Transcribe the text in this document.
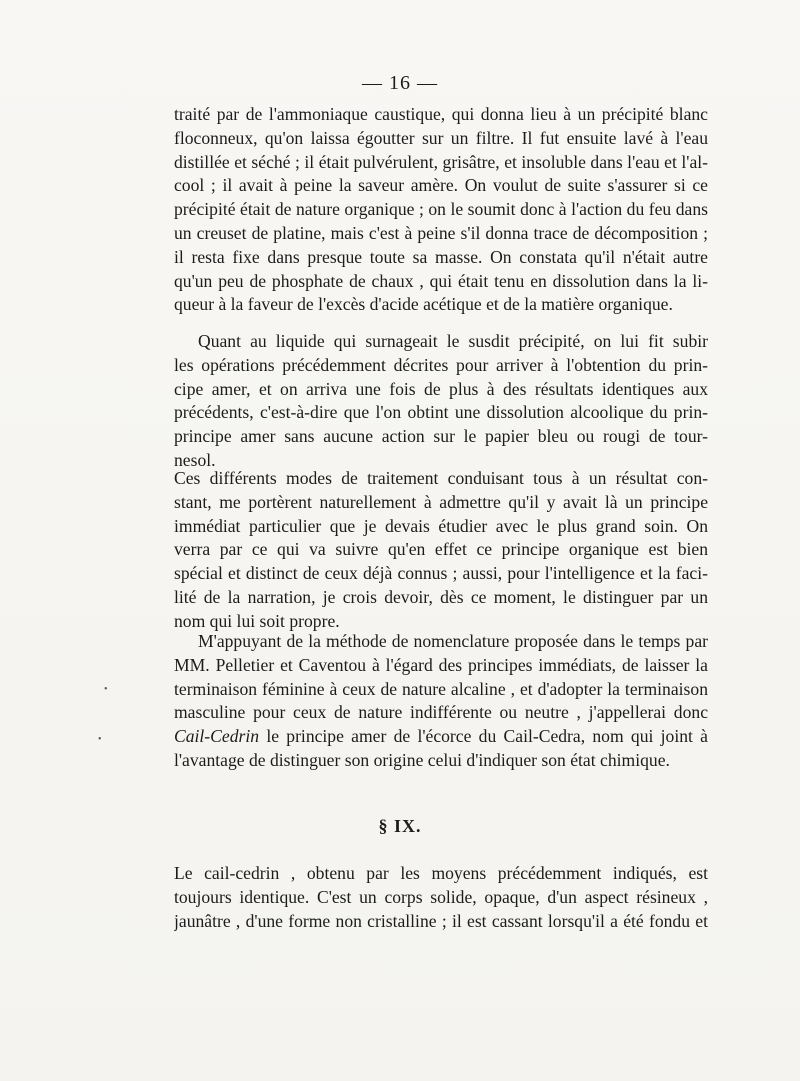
— 16 —
traité par de l'ammoniaque caustique, qui donna lieu à un précipité blanc
floconneux, qu'on laissa égoutter sur un filtre. Il fut ensuite lavé à l'eau
distillée et séché ; il était pulvérulent, grisâtre, et insoluble dans l'eau et l'al-
cool ; il avait à peine la saveur amère. On voulut de suite s'assurer si ce
précipité était de nature organique ; on le soumit donc à l'action du feu dans
un creuset de platine, mais c'est à peine s'il donna trace de décomposition ;
il resta fixe dans presque toute sa masse. On constata qu'il n'était autre
qu'un peu de phosphate de chaux , qui était tenu en dissolution dans la li-
queur à la faveur de l'excès d'acide acétique et de la matière organique.
Quant au liquide qui surnageait le susdit précipité, on lui fit subir
les opérations précédemment décrites pour arriver à l'obtention du prin-
cipe amer, et on arriva une fois de plus à des résultats identiques aux
précédents, c'est-à-dire que l'on obtint une dissolution alcoolique du prin-
principe amer sans aucune action sur le papier bleu ou rougi de tour-
nesol.
Ces différents modes de traitement conduisant tous à un résultat con-
stant, me portèrent naturellement à admettre qu'il y avait là un principe
immédiat particulier que je devais étudier avec le plus grand soin. On
verra par ce qui va suivre qu'en effet ce principe organique est bien
spécial et distinct de ceux déjà connus ; aussi, pour l'intelligence et la faci-
lité de la narration, je crois devoir, dès ce moment, le distinguer par un
nom qui lui soit propre.
M'appuyant de la méthode de nomenclature proposée dans le temps par
MM. Pelletier et Caventou à l'égard des principes immédiats, de laisser la
terminaison féminine à ceux de nature alcaline , et d'adopter la terminaison
masculine pour ceux de nature indifférente ou neutre , j'appellerai donc
Cail-Cedrin le principe amer de l'écorce du Cail-Cedra, nom qui joint à
l'avantage de distinguer son origine celui d'indiquer son état chimique.
§ IX.
Le cail-cedrin , obtenu par les moyens précédemment indiqués, est
toujours identique. C'est un corps solide, opaque, d'un aspect résineux ,
jaunâtre , d'une forme non cristalline ; il est cassant lorsqu'il a été fondu et
•
•
